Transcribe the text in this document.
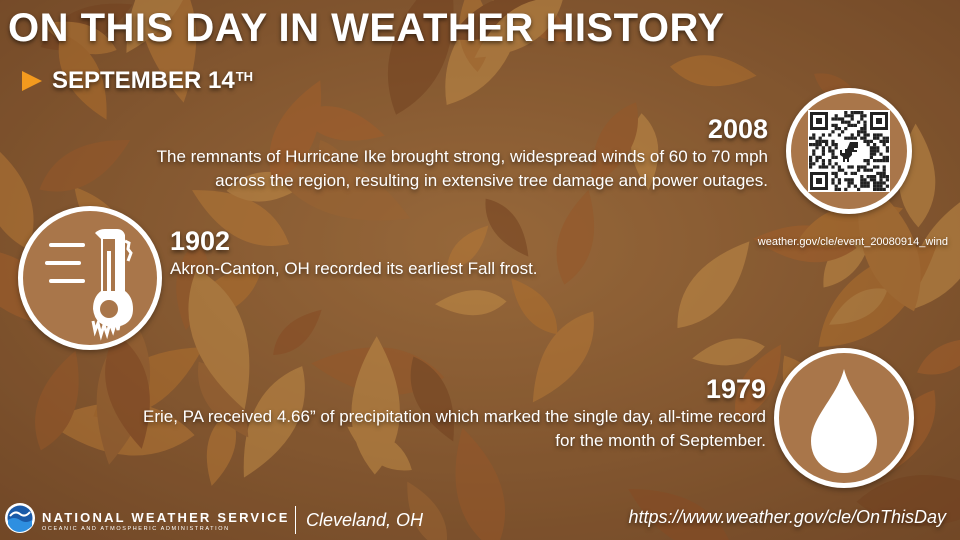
ON THIS DAY IN WEATHER HISTORY
SEPTEMBER 14TH
2008
The remnants of Hurricane Ike brought strong, widespread winds of 60 to 70 mph across the region, resulting in extensive tree damage and power outages.
weather.gov/cle/event_20080914_wind
1902
Akron-Canton, OH recorded its earliest Fall frost.
1979
Erie, PA received 4.66” of precipitation which marked the single day, all-time record for the month of September.
NATIONAL WEATHER SERVICE
OCEANIC AND ATMOSPHERIC ADMINISTRATION	Cleveland, OH	https://www.weather.gov/cle/OnThisDay
